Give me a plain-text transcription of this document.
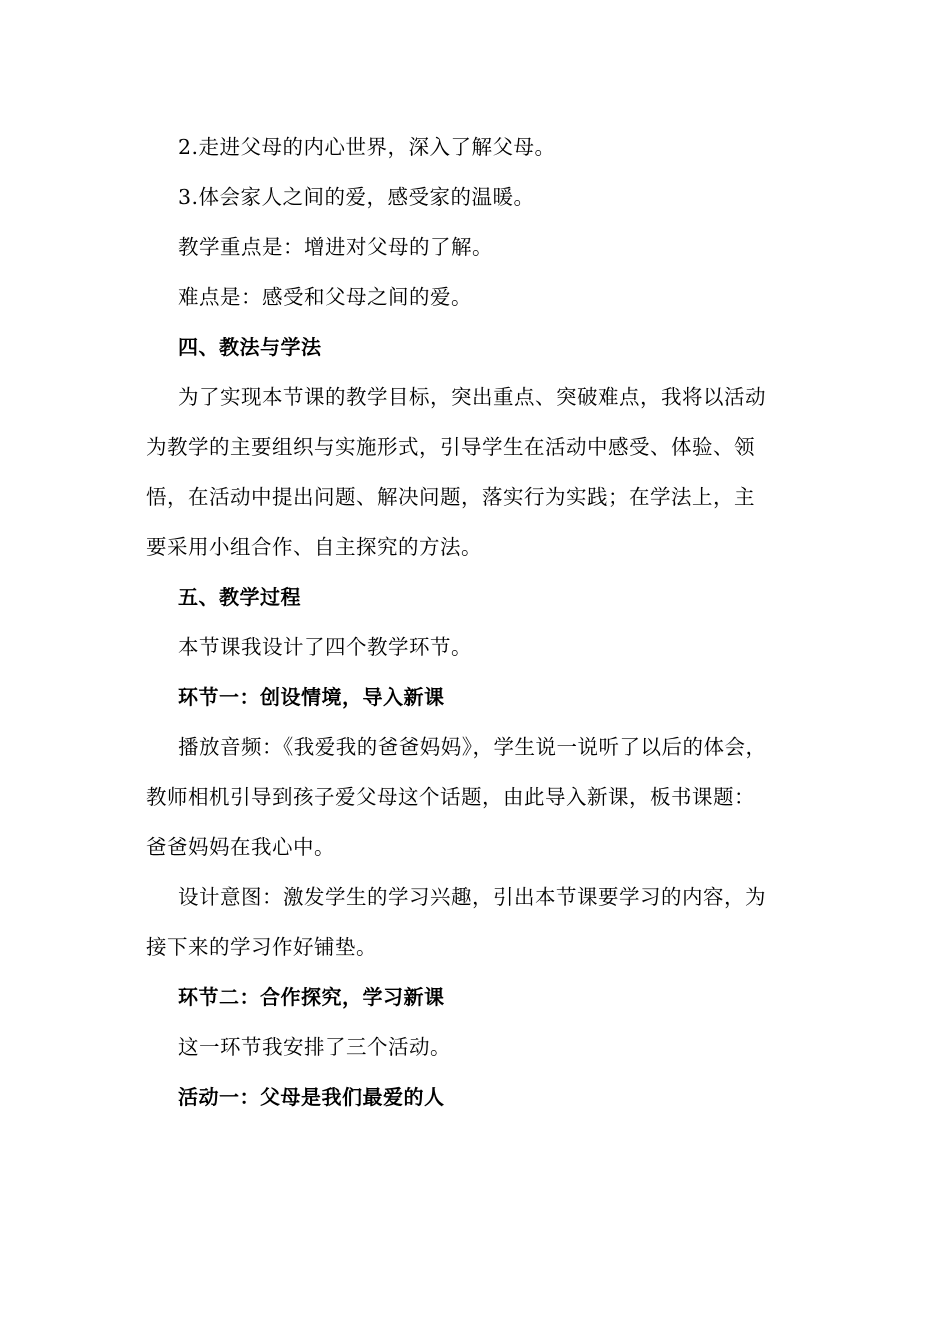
2.走进父母的内心世界，深入了解父母。

3.体会家人之间的爱，感受家的温暖。

教学重点是：增进对父母的了解。

难点是：感受和父母之间的爱。

四、教法与学法

为了实现本节课的教学目标，突出重点、突破难点，我将以活动

为教学的主要组织与实施形式，引导学生在活动中感受、体验、领

悟，在活动中提出问题、解决问题，落实行为实践；在学法上，主

要采用小组合作、自主探究的方法。

五、教学过程

本节课我设计了四个教学环节。

环节一：创设情境，导入新课

播放音频：《我爱我的爸爸妈妈》，学生说一说听了以后的体会，

教师相机引导到孩子爱父母这个话题，由此导入新课，板书课题：

爸爸妈妈在我心中。

设计意图：激发学生的学习兴趣，引出本节课要学习的内容，为

接下来的学习作好铺垫。

环节二：合作探究，学习新课

这一环节我安排了三个活动。

活动一：父母是我们最爱的人
